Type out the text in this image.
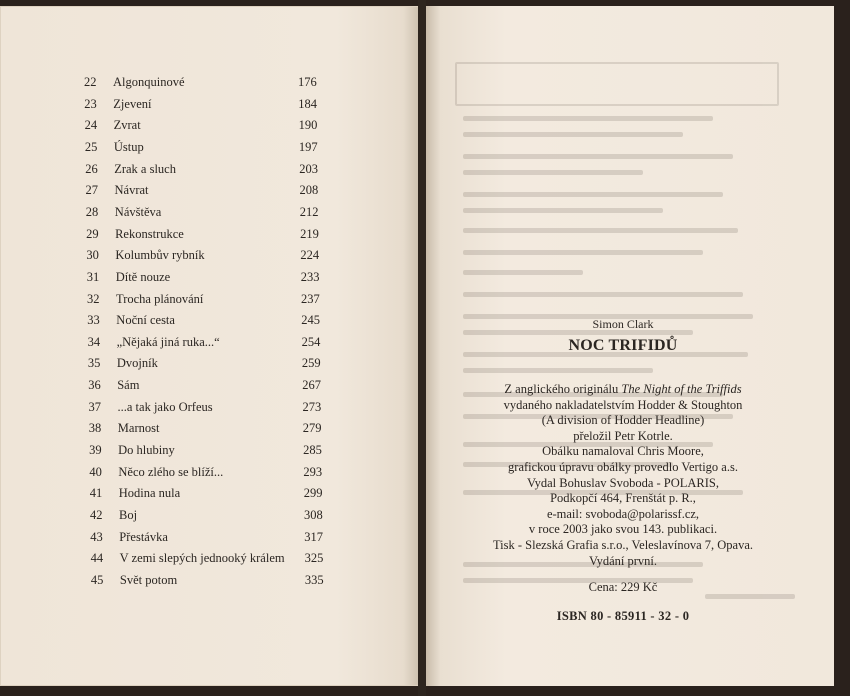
22	Algonquinové	176
23	Zjevení	184
24	Zvrat	190
25	Ústup	197
26	Zrak a sluch	203
27	Návrat	208
28	Návštěva	212
29	Rekonstrukce	219
30	Kolumbův rybník	224
31	Dítě nouze	233
32	Trocha plánování	237
33	Noční cesta	245
34	„Nějaká jiná ruka...“	254
35	Dvojník	259
36	Sám	267
37	...a tak jako Orfeus	273
38	Marnost	279
39	Do hlubiny	285
40	Něco zlého se blíží...	293
41	Hodina nula	299
42	Boj	308
43	Přestávka	317
44	V zemi slepých jednooký králem 325
45	Svět potom	335
Simon Clark
NOC TRIFIDŮ
Z anglického originálu The Night of the Triffids
vydaného nakladatelstvím Hodder & Stoughton
(A division of Hodder Headline)
přeložil Petr Kotrle.
Obálku namaloval Chris Moore,
grafickou úpravu obálky provedlo Vertigo a.s.
Vydal Bohuslav Svoboda - POLARIS,
Podkopčí 464, Frenštát p. R.,
e-mail: svoboda@polarissf.cz,
v roce 2003 jako svou 143. publikaci.
Tisk - Slezská Grafia s.r.o., Veleslavínova 7, Opava.
Vydání první.
Cena: 229 Kč
ISBN 80 - 85911 - 32 - 0
